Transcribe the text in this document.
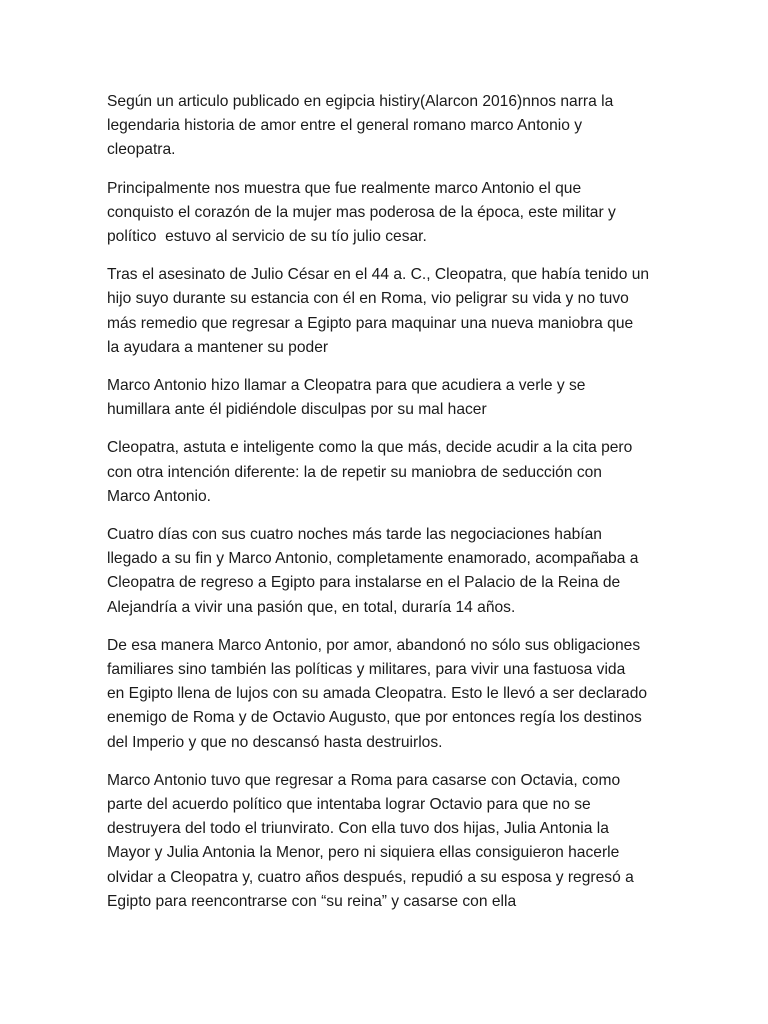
Según un articulo publicado en egipcia histiry(Alarcon 2016)nnos narra la
legendaria historia de amor entre el general romano marco Antonio y
cleopatra.

Principalmente nos muestra que fue realmente marco Antonio el que
conquisto el corazón de la mujer mas poderosa de la época, este militar y
político  estuvo al servicio de su tío julio cesar.

Tras el asesinato de Julio César en el 44 a. C., Cleopatra, que había tenido un
hijo suyo durante su estancia con él en Roma, vio peligrar su vida y no tuvo
más remedio que regresar a Egipto para maquinar una nueva maniobra que
la ayudara a mantener su poder

Marco Antonio hizo llamar a Cleopatra para que acudiera a verle y se
humillara ante él pidiéndole disculpas por su mal hacer

Cleopatra, astuta e inteligente como la que más, decide acudir a la cita pero
con otra intención diferente: la de repetir su maniobra de seducción con
Marco Antonio.

Cuatro días con sus cuatro noches más tarde las negociaciones habían
llegado a su fin y Marco Antonio, completamente enamorado, acompañaba a
Cleopatra de regreso a Egipto para instalarse en el Palacio de la Reina de
Alejandría a vivir una pasión que, en total, duraría 14 años.

De esa manera Marco Antonio, por amor, abandonó no sólo sus obligaciones
familiares sino también las políticas y militares, para vivir una fastuosa vida
en Egipto llena de lujos con su amada Cleopatra. Esto le llevó a ser declarado
enemigo de Roma y de Octavio Augusto, que por entonces regía los destinos
del Imperio y que no descansó hasta destruirlos.

Marco Antonio tuvo que regresar a Roma para casarse con Octavia, como
parte del acuerdo político que intentaba lograr Octavio para que no se
destruyera del todo el triunvirato. Con ella tuvo dos hijas, Julia Antonia la
Mayor y Julia Antonia la Menor, pero ni siquiera ellas consiguieron hacerle
olvidar a Cleopatra y, cuatro años después, repudió a su esposa y regresó a
Egipto para reencontrarse con “su reina” y casarse con ella
